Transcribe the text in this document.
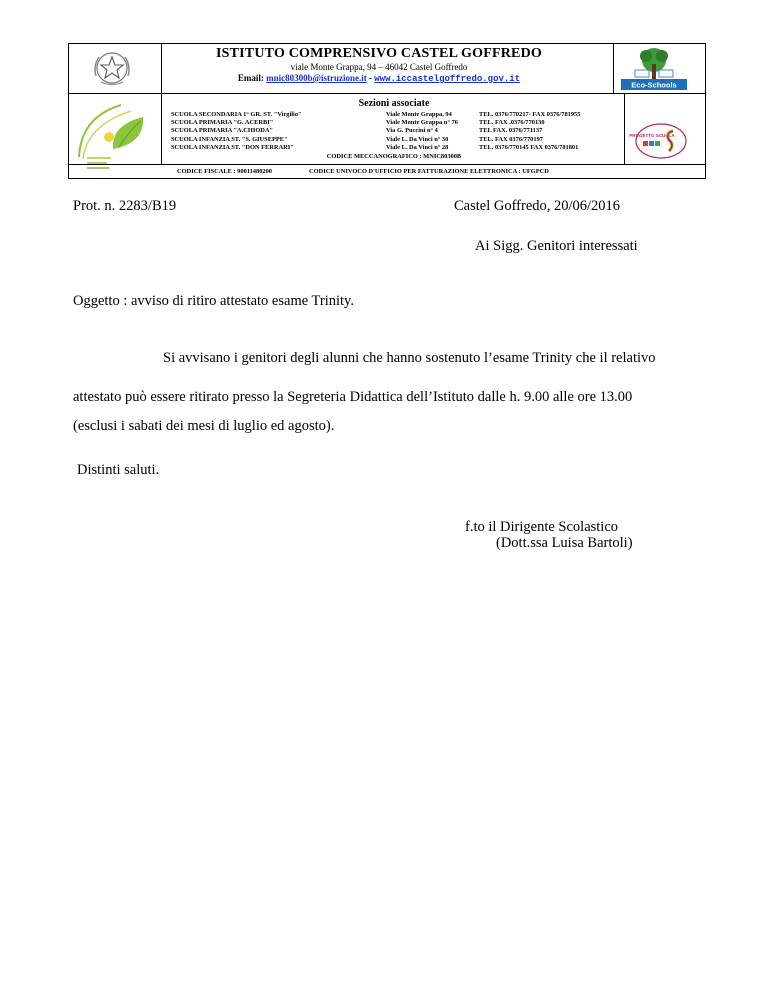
ISTITUTO COMPRENSIVO CASTEL GOFFREDO
viale Monte Grappa, 94 – 46042 Castel Goffredo
Email: mnic80300b@istruzione.it - www.iccastelgoffredo.gov.it
Eco-Schools
Sezioni associate
SCUOLA SECONDARIA 1° GR. ST. "Virgilio"	Viale Monte Grappa, 94	TEL. 0376/770217- FAX 0376/781955
SCUOLA PRIMARIA "G. ACERBI"	Viale Monte Grappa n° 76	TEL. FAX .0376/770130
SCUOLA PRIMARIA "A.CHIODA"	Via G. Puccini n° 4	TEL FAX. 0376/771137
SCUOLA INFANZIA ST. "S. GIUSEPPE"	Viale L. Da Vinci n° 30	TEL. FAX 0376/770197
SCUOLA INFANZIA ST. "DON FERRARI"	Viale L. Da Vinci n° 28	TEL. 0376/770145 FAX 0376/781801
PROGETTO SCUOLA
CODICE MECCANOGRAFICO : MNIC80300B
CODICE FISCALE : 90011480200	CODICE UNIVOCO D'UFFICIO PER FATTURAZIONE ELETTRONICA : UFGPCD
Prot. n. 2283/B19	Castel Goffredo, 20/06/2016
Ai Sigg. Genitori interessati
Oggetto : avviso di ritiro attestato esame Trinity.
Si avvisano i genitori degli alunni che hanno sostenuto l’esame Trinity che il relativo
attestato può essere ritirato presso la Segreteria Didattica dell’Istituto dalle h. 9.00 alle ore 13.00
(esclusi i sabati dei mesi di luglio ed agosto).
Distinti saluti.
f.to il Dirigente Scolastico
(Dott.ssa Luisa Bartoli)
